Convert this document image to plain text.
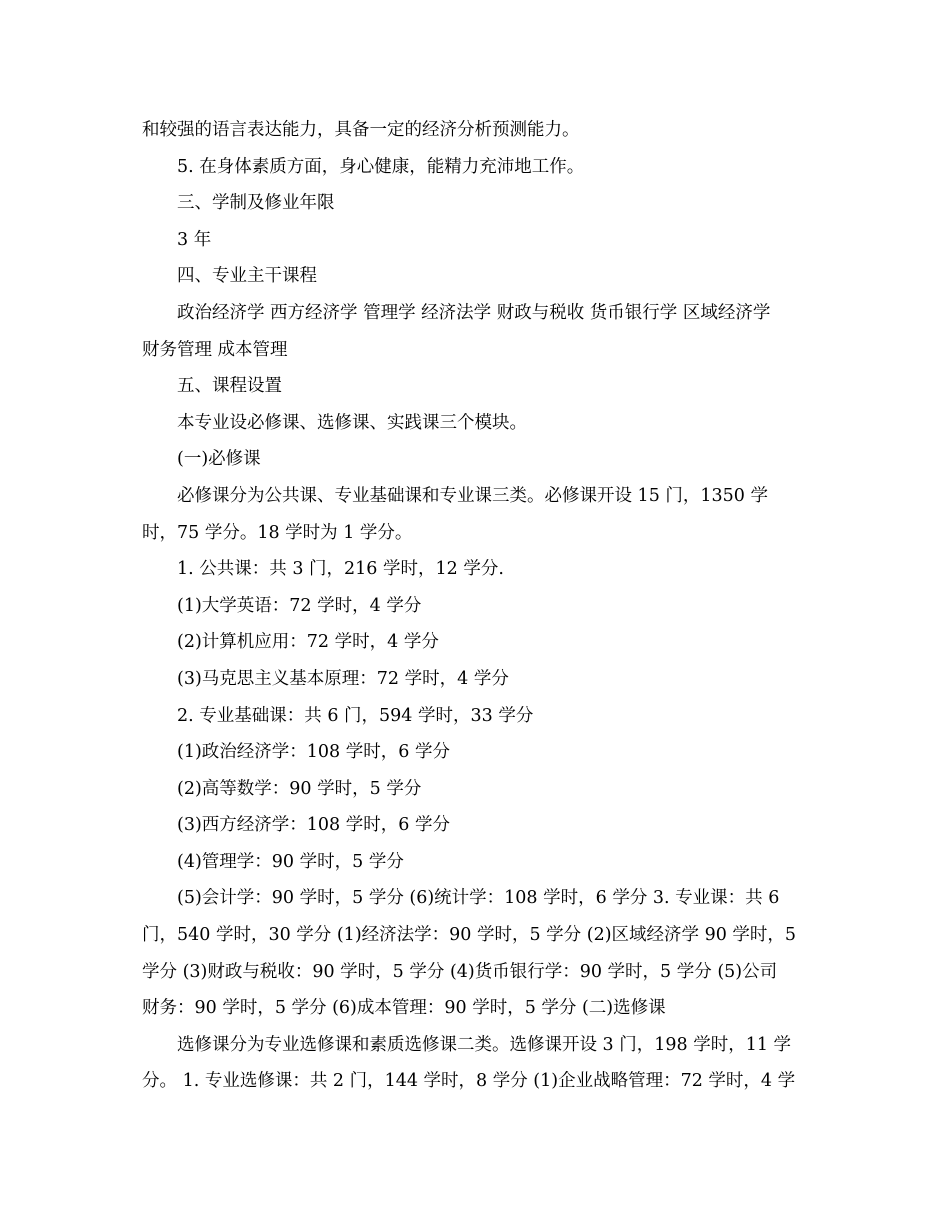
和较强的语言表达能力，具备一定的经济分析预测能力。
5. 在身体素质方面，身心健康，能精力充沛地工作。
三、学制及修业年限
3 年
四、专业主干课程
政治经济学 西方经济学 管理学 经济法学 财政与税收 货币银行学 区域经济学
财务管理 成本管理
五、课程设置
本专业设必修课、选修课、实践课三个模块。
(一)必修课
必修课分为公共课、专业基础课和专业课三类。必修课开设 15 门，1350 学
时，75 学分。18 学时为 1 学分。
1. 公共课：共 3 门，216 学时，12 学分.
(1)大学英语：72 学时，4 学分
(2)计算机应用：72 学时，4 学分
(3)马克思主义基本原理：72 学时，4 学分
2. 专业基础课：共 6 门，594 学时，33 学分
(1)政治经济学：108 学时，6 学分
(2)高等数学：90 学时，5 学分
(3)西方经济学：108 学时，6 学分
(4)管理学：90 学时，5 学分
(5)会计学：90 学时，5 学分 (6)统计学：108 学时，6 学分 3. 专业课：共 6
门，540 学时，30 学分 (1)经济法学：90 学时，5 学分 (2)区域经济学 90 学时，5
学分 (3)财政与税收：90 学时，5 学分 (4)货币银行学：90 学时，5 学分 (5)公司
财务：90 学时，5 学分 (6)成本管理：90 学时，5 学分 (二)选修课
选修课分为专业选修课和素质选修课二类。选修课开设 3 门，198 学时，11 学
分。 1. 专业选修课：共 2 门，144 学时，8 学分 (1)企业战略管理：72 学时，4 学
